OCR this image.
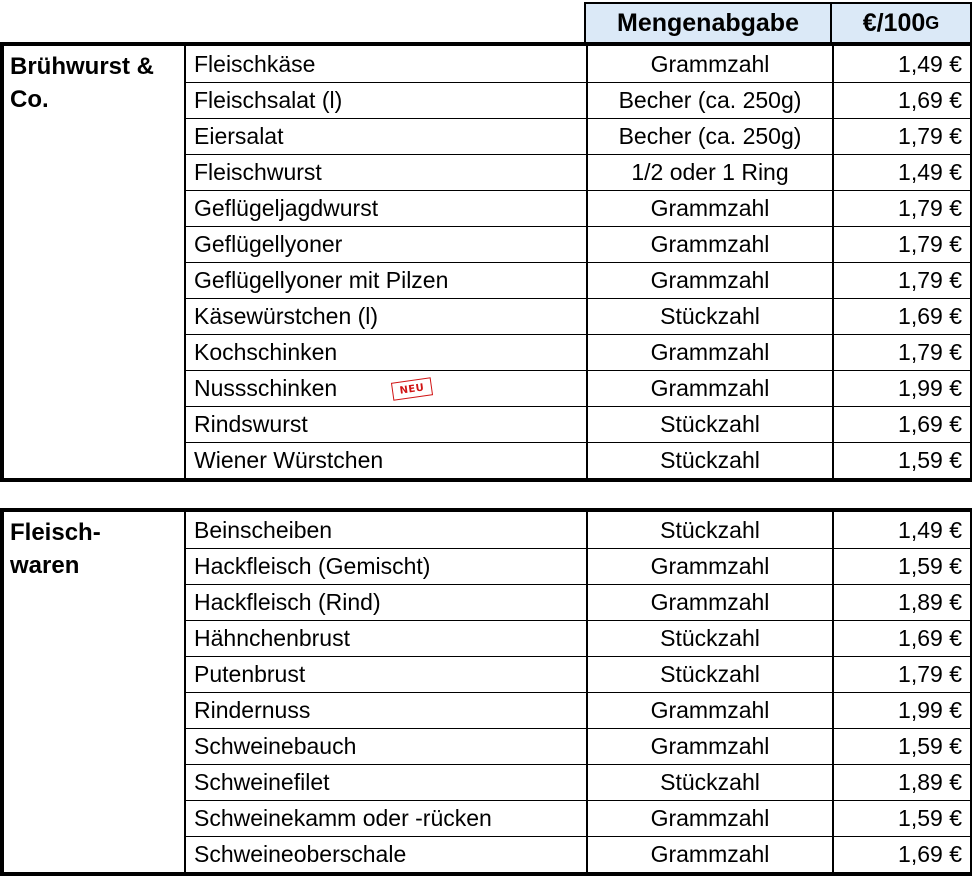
Mengenabgabe	€/100 G
Brühwurst &
Co.
Fleischkäse	Grammzahl	1,49 €
Fleischsalat (l)	Becher (ca. 250g)	1,69 €
Eiersalat	Becher (ca. 250g)	1,79 €
Fleischwurst	1/2 oder 1 Ring	1,49 €
Geflügeljagdwurst	Grammzahl	1,79 €
Geflügellyoner	Grammzahl	1,79 €
Geflügellyoner mit Pilzen	Grammzahl	1,79 €
Käsewürstchen (l)	Stückzahl	1,69 €
Kochschinken	Grammzahl	1,79 €
Nussschinken	NEU	Grammzahl	1,99 €
Rindswurst	Stückzahl	1,69 €
Wiener Würstchen	Stückzahl	1,59 €
Fleisch-
waren
Beinscheiben	Stückzahl	1,49 €
Hackfleisch (Gemischt)	Grammzahl	1,59 €
Hackfleisch (Rind)	Grammzahl	1,89 €
Hähnchenbrust	Stückzahl	1,69 €
Putenbrust	Stückzahl	1,79 €
Rindernuss	Grammzahl	1,99 €
Schweinebauch	Grammzahl	1,59 €
Schweinefilet	Stückzahl	1,89 €
Schweinekamm oder -rücken	Grammzahl	1,59 €
Schweineoberschale	Grammzahl	1,69 €
